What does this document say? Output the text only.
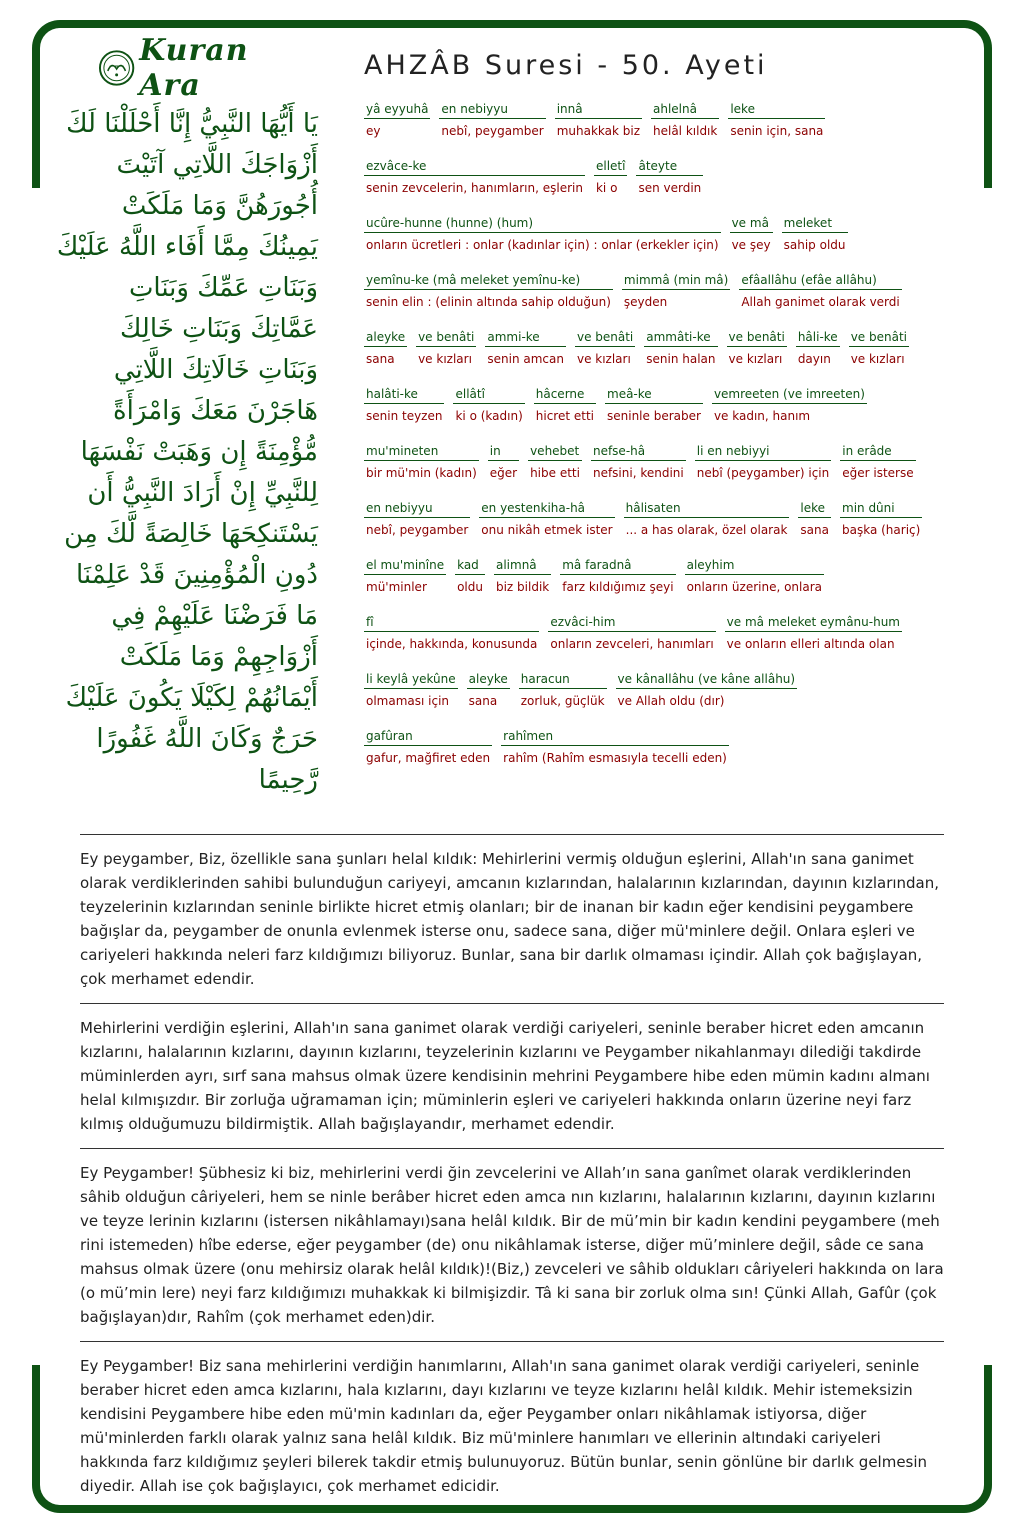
Kuran Ara
يَا أَيُّهَا النَّبِيُّ إِنَّا أَحْلَلْنَا لَكَ
أَزْوَاجَكَ اللَّاتِي آتَيْتَ
أُجُورَهُنَّ وَمَا مَلَكَتْ
يَمِينُكَ مِمَّا أَفَاء اللَّهُ عَلَيْكَ
وَبَنَاتِ عَمِّكَ وَبَنَاتِ
عَمَّاتِكَ وَبَنَاتِ خَالِكَ
وَبَنَاتِ خَالَاتِكَ اللَّاتِي
هَاجَرْنَ مَعَكَ وَامْرَأَةً
مُّؤْمِنَةً إِن وَهَبَتْ نَفْسَهَا
لِلنَّبِيِّ إِنْ أَرَادَ النَّبِيُّ أَن
يَسْتَنكِحَهَا خَالِصَةً لَّكَ مِن
دُونِ الْمُؤْمِنِينَ قَدْ عَلِمْنَا
مَا فَرَضْنَا عَلَيْهِمْ فِي
أَزْوَاجِهِمْ وَمَا مَلَكَتْ
أَيْمَانُهُمْ لِكَيْلَا يَكُونَ عَلَيْكَ
حَرَجٌ وَكَانَ اللَّهُ غَفُورًا
رَّحِيمًا
AHZÂB Suresi - 50. Ayeti
yâ eyyuhâ
ey
en nebiyyu
nebî, peygamber
innâ
muhakkak biz
ahlelnâ
helâl kıldık
leke
senin için, sana
ezvâce-ke
senin zevcelerin, hanımların, eşlerin
elletî
ki o
âteyte
sen verdin
ucûre-hunne (hunne) (hum)
onların ücretleri : onlar (kadınlar için) : onlar (erkekler için)
ve mâ
ve şey
meleket
sahip oldu
yemînu-ke (mâ meleket yemînu-ke)
senin elin : (elinin altında sahip olduğun)
mimmâ (min mâ)
şeyden
efâallâhu (efâe allâhu)
Allah ganimet olarak verdi
aleyke
sana
ve benâti
ve kızları
ammi-ke
senin amcan
ve benâti
ve kızları
ammâti-ke
senin halan
ve benâti
ve kızları
hâli-ke
dayın
ve benâti
ve kızları
halâti-ke
senin teyzen
ellâtî
ki o (kadın)
hâcerne
hicret etti
meâ-ke
seninle beraber
vemreeten (ve imreeten)
ve kadın, hanım
mu'mineten
bir mü'min (kadın)
in
eğer
vehebet
hibe etti
nefse-hâ
nefsini, kendini
li en nebiyyi
nebî (peygamber) için
in erâde
eğer isterse
en nebiyyu
nebî, peygamber
en yestenkiha-hâ
onu nikâh etmek ister
hâlisaten
... a has olarak, özel olarak
leke
sana
min dûni
başka (hariç)
el mu'minîne
mü'minler
kad
oldu
alimnâ
biz bildik
mâ faradnâ
farz kıldığımız şeyi
aleyhim
onların üzerine, onlara
fî
içinde, hakkında, konusunda
ezvâci-him
onların zevceleri, hanımları
ve mâ meleket eymânu-hum
ve onların elleri altında olan
li keylâ yekûne
olmaması için
aleyke
sana
haracun
zorluk, güçlük
ve kânallâhu (ve kâne allâhu)
ve Allah oldu (dır)
gafûran
gafur, mağfiret eden
rahîmen
rahîm (Rahîm esmasıyla tecelli eden)
Ey peygamber, Biz, özellikle sana şunları helal kıldık: Mehirlerini vermiş olduğun eşlerini, Allah'ın sana ganimet olarak verdiklerinden sahibi bulunduğun cariyeyi, amcanın kızlarından, halalarının kızlarından, dayının kızlarından, teyzelerinin kızlarından seninle birlikte hicret etmiş olanları; bir de inanan bir kadın eğer kendisini peygambere bağışlar da, peygamber de onunla evlenmek isterse onu, sadece sana, diğer mü'minlere değil. Onlara eşleri ve cariyeleri hakkında neleri farz kıldığımızı biliyoruz. Bunlar, sana bir darlık olmaması içindir. Allah çok bağışlayan, çok merhamet edendir.
Mehirlerini verdiğin eşlerini, Allah'ın sana ganimet olarak verdiği cariyeleri, seninle beraber hicret eden amcanın kızlarını, halalarının kızlarını, dayının kızlarını, teyzelerinin kızlarını ve Peygamber nikahlanmayı dilediği takdirde müminlerden ayrı, sırf sana mahsus olmak üzere kendisinin mehrini Peygambere hibe eden mümin kadını almanı helal kılmışızdır. Bir zorluğa uğramaman için; müminlerin eşleri ve cariyeleri hakkında onların üzerine neyi farz kılmış olduğumuzu bildirmiştik. Allah bağışlayandır, merhamet edendir.
Ey Peygamber! Şübhesiz ki biz, mehirlerini verdi ğin zevcelerini ve Allah’ın sana ganîmet olarak verdiklerinden sâhib olduğun câriyeleri, hem se ninle berâber hicret eden amca nın kızlarını, halalarının kızlarını, dayının kızlarını ve teyze lerinin kızlarını (istersen nikâhlamayı)sana helâl kıldık. Bir de mü’min bir kadın kendini peygambere (meh rini istemeden) hîbe ederse, eğer peygamber (de) onu nikâhlamak isterse, diğer mü’minlere değil, sâde ce sana mahsus olmak üzere (onu mehirsiz olarak helâl kıldık)!(Biz,) zevceleri ve sâhib oldukları câriyeleri hakkında on lara (o mü’min lere) neyi farz kıldığımızı muhakkak ki bilmişizdir. Tâ ki sana bir zorluk olma sın! Çünki Allah, Gafûr (çok bağışlayan)dır, Rahîm (çok merhamet eden)dir.
Ey Peygamber! Biz sana mehirlerini verdiğin hanımlarını, Allah'ın sana ganimet olarak verdiği cariyeleri, seninle beraber hicret eden amca kızlarını, hala kızlarını, dayı kızlarını ve teyze kızlarını helâl kıldık. Mehir istemeksizin kendisini Peygambere hibe eden mü'min kadınları da, eğer Peygamber onları nikâhlamak istiyorsa, diğer mü'minlerden farklı olarak yalnız sana helâl kıldık. Biz mü'minlere hanımları ve ellerinin altındaki cariyeleri hakkında farz kıldığımız şeyleri bilerek takdir etmiş bulunuyoruz. Bütün bunlar, senin gönlüne bir darlık gelmesin diyedir. Allah ise çok bağışlayıcı, çok merhamet edicidir.
